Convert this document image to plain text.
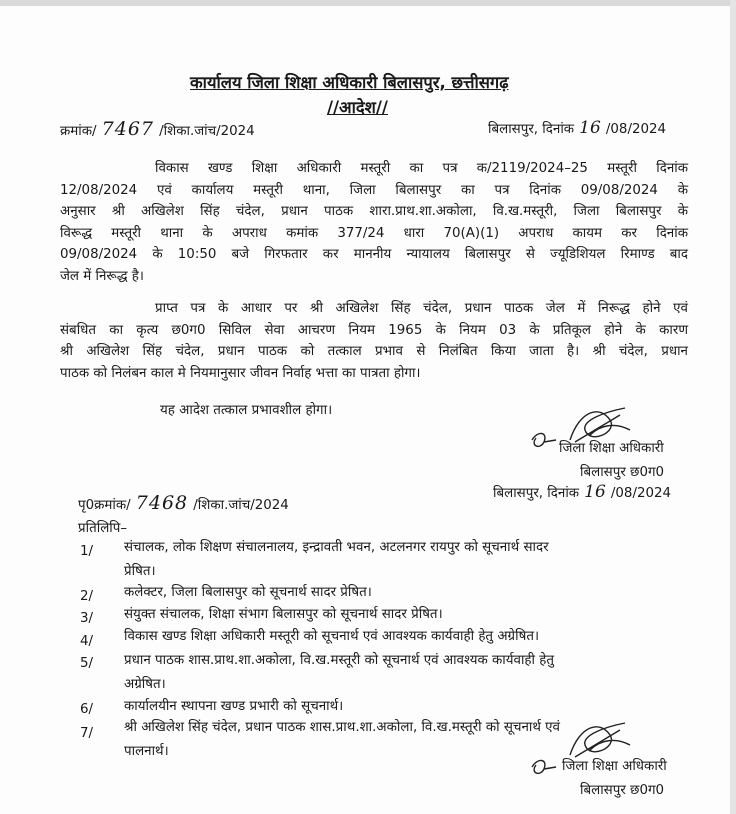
कार्यालय जिला शिक्षा अधिकारी बिलासपुर, छत्तीसगढ़
//आदेश//
क्रमांक/ 7467 /शिका.जांच/2024	बिलासपुर, दिनांक 16 /08/2024
विकास खण्ड शिक्षा अधिकारी मस्तूरी का पत्र क/2119/2024–25 मस्तूरी दिनांक
12/08/2024 एवं कार्यालय मस्तूरी थाना, जिला बिलासपुर का पत्र दिनांक 09/08/2024 के
अनुसार श्री अखिलेश सिंह चंदेल, प्रधान पाठक शारा.प्राथ.शा.अकोला, वि.ख.मस्तूरी, जिला बिलासपुर के
विरूद्ध मस्तूरी थाना के अपराध कमांक 377/24 धारा 70(A)(1) अपराध कायम कर दिनांक
09/08/2024 के 10:50 बजे गिरफतार कर माननीय न्यायालय बिलासपुर से ज्यूडिशियल रिमाण्ड बाद
जेल में निरूद्ध है।
प्राप्त पत्र के आधार पर श्री अखिलेश सिंह चंदेल, प्रधान पाठक जेल में निरूद्ध होने एवं
संबधित का कृत्य छ0ग0 सिविल सेवा आचरण नियम 1965 के नियम 03 के प्रतिकूल होने के कारण
श्री अखिलेश सिंह चंदेल, प्रधान पाठक को तत्काल प्रभाव से निलंबित किया जाता है। श्री चंदेल, प्रधान
पाठक को निलंबन काल मे नियमानुसार जीवन निर्वाह भत्ता का पात्रता होगा।
यह आदेश तत्काल प्रभावशील होगा।
जिला शिक्षा अधिकारी
बिलासपुर छ0ग0
पृ0क्रमांक/ 7468 /शिका.जांच/2024
बिलासपुर, दिनांक 16 /08/2024
प्रतिलिपि–
1/ संचालक, लोक शिक्षण संचालनालय, इन्द्रावती भवन, अटलनगर रायपुर को सूचनार्थ सादर
प्रेषित।
2/ कलेक्टर, जिला बिलासपुर को सूचनार्थ सादर प्रेषित।
3/ संयुक्त संचालक, शिक्षा संभाग बिलासपुर को सूचनार्थ सादर प्रेषित।
4/ विकास खण्ड शिक्षा अधिकारी मस्तूरी को सूचनार्थ एवं आवश्यक कार्यवाही हेतु अग्रेषित।
5/ प्रधान पाठक शास.प्राथ.शा.अकोला, वि.ख.मस्तूरी को सूचनार्थ एवं आवश्यक कार्यवाही हेतु
अग्रेषित।
6/ कार्यालयीन स्थापना खण्ड प्रभारी को सूचनार्थ।
7/ श्री अखिलेश सिंह चंदेल, प्रधान पाठक शास.प्राथ.शा.अकोला, वि.ख.मस्तूरी को सूचनार्थ एवं
पालनार्थ।
जिला शिक्षा अधिकारी
बिलासपुर छ0ग0
